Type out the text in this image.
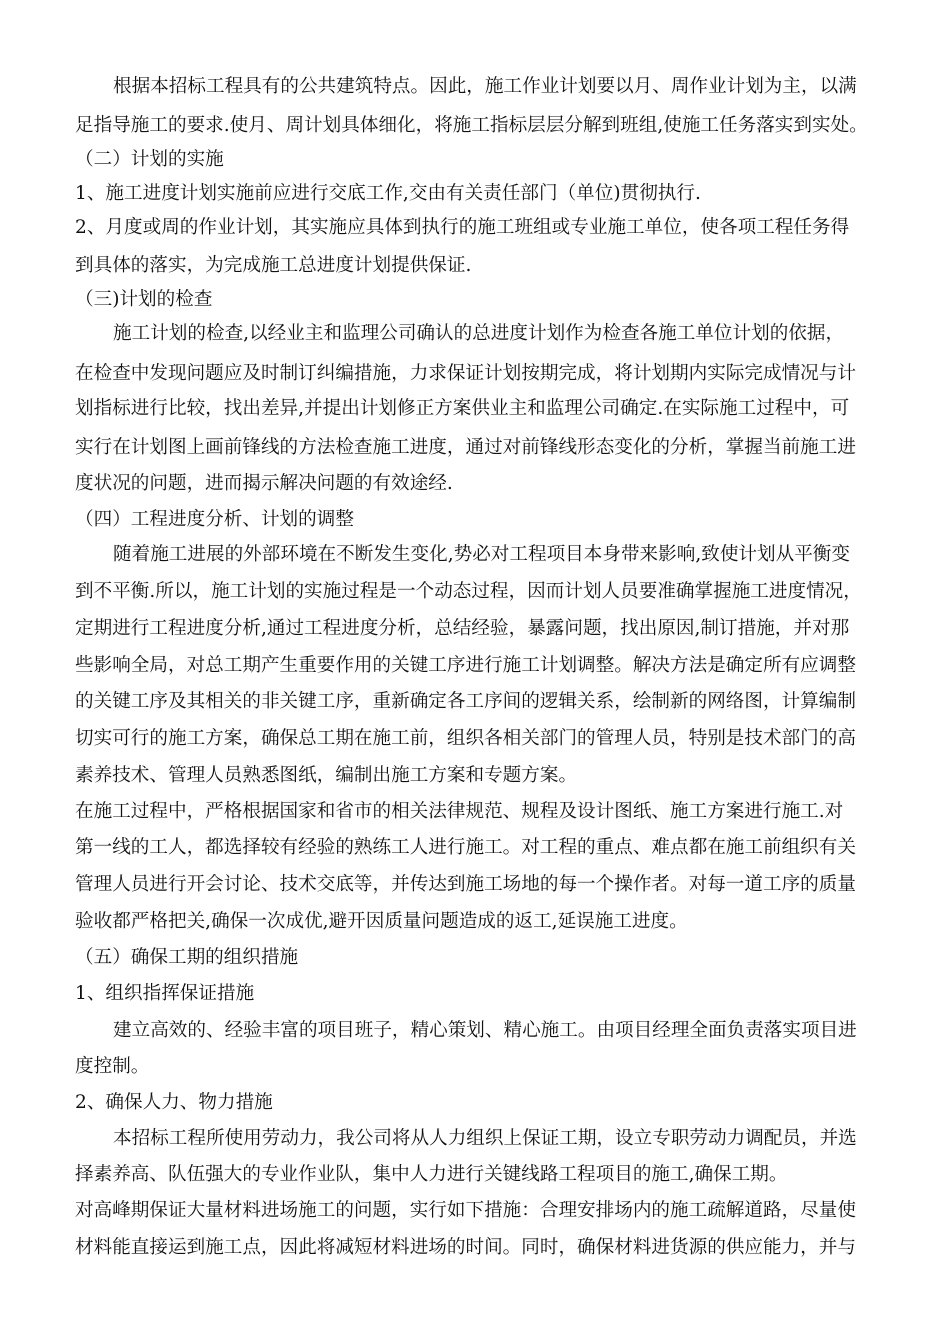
根据本招标工程具有的公共建筑特点。因此，施工作业计划要以月、周作业计划为主，以满
足指导施工的要求.使月、周计划具体细化，将施工指标层层分解到班组,使施工任务落实到实处。
（二）计划的实施
1、施工进度计划实施前应进行交底工作,交由有关责任部门（单位)贯彻执行.
2、月度或周的作业计划，其实施应具体到执行的施工班组或专业施工单位，使各项工程任务得
到具体的落实，为完成施工总进度计划提供保证.
（三)计划的检查
施工计划的检查,以经业主和监理公司确认的总进度计划作为检查各施工单位计划的依据，
在检查中发现问题应及时制订纠编措施，力求保证计划按期完成，将计划期内实际完成情况与计
划指标进行比较，找出差异,并提出计划修正方案供业主和监理公司确定.在实际施工过程中，可
实行在计划图上画前锋线的方法检查施工进度，通过对前锋线形态变化的分析，掌握当前施工进
度状况的问题，进而揭示解决问题的有效途经.
（四）工程进度分析、计划的调整
随着施工进展的外部环境在不断发生变化,势必对工程项目本身带来影响,致使计划从平衡变
到不平衡.所以，施工计划的实施过程是一个动态过程，因而计划人员要准确掌握施工进度情况，
定期进行工程进度分析,通过工程进度分析，总结经验，暴露问题，找出原因,制订措施，并对那
些影响全局，对总工期产生重要作用的关键工序进行施工计划调整。解决方法是确定所有应调整
的关键工序及其相关的非关键工序，重新确定各工序间的逻辑关系，绘制新的网络图，计算编制
切实可行的施工方案，确保总工期在施工前，组织各相关部门的管理人员，特别是技术部门的高
素养技术、管理人员熟悉图纸，编制出施工方案和专题方案。
在施工过程中，严格根据国家和省市的相关法律规范、规程及设计图纸、施工方案进行施工.对
第一线的工人，都选择较有经验的熟练工人进行施工。对工程的重点、难点都在施工前组织有关
管理人员进行开会讨论、技术交底等，并传达到施工场地的每一个操作者。对每一道工序的质量
验收都严格把关,确保一次成优,避开因质量问题造成的返工,延误施工进度。
（五）确保工期的组织措施
1、组织指挥保证措施
建立高效的、经验丰富的项目班子，精心策划、精心施工。由项目经理全面负责落实项目进
度控制。
2、确保人力、物力措施
本招标工程所使用劳动力，我公司将从人力组织上保证工期，设立专职劳动力调配员，并选
择素养高、队伍强大的专业作业队，集中人力进行关键线路工程项目的施工,确保工期。
对高峰期保证大量材料进场施工的问题，实行如下措施：合理安排场内的施工疏解道路，尽量使
材料能直接运到施工点，因此将减短材料进场的时间。同时，确保材料进货源的供应能力，并与
